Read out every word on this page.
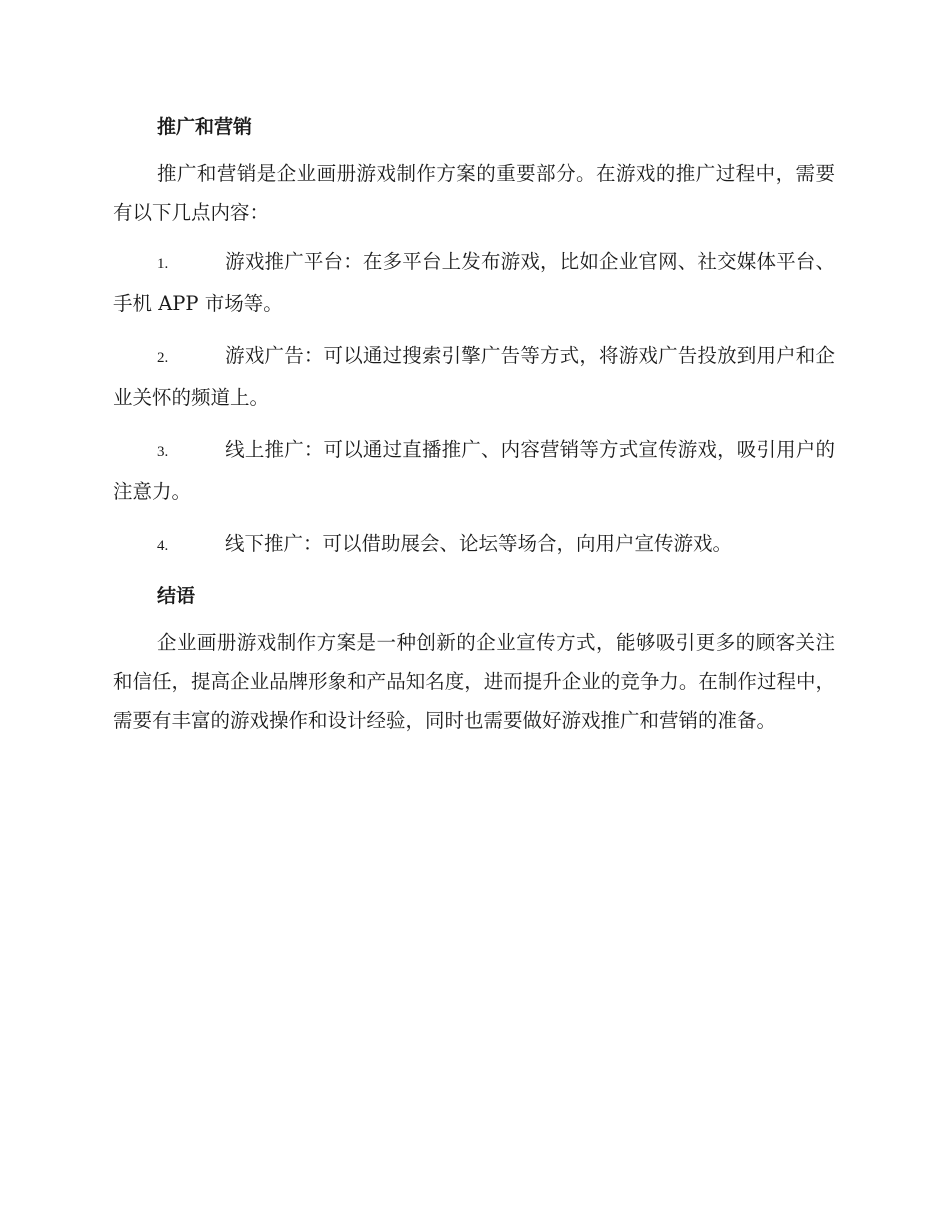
推广和营销

推广和营销是企业画册游戏制作方案的重要部分。在游戏的推广过程中，需要有以下几点内容：

1.	游戏推广平台：在多平台上发布游戏，比如企业官网、社交媒体平台、手机 APP 市场等。
2.	游戏广告：可以通过搜索引擎广告等方式，将游戏广告投放到用户和企业关怀的频道上。
3.	线上推广：可以通过直播推广、内容营销等方式宣传游戏，吸引用户的注意力。
4.	线下推广：可以借助展会、论坛等场合，向用户宣传游戏。
结语

企业画册游戏制作方案是一种创新的企业宣传方式，能够吸引更多的顾客关注和信任，提高企业品牌形象和产品知名度，进而提升企业的竞争力。在制作过程中，需要有丰富的游戏操作和设计经验，同时也需要做好游戏推广和营销的准备。
